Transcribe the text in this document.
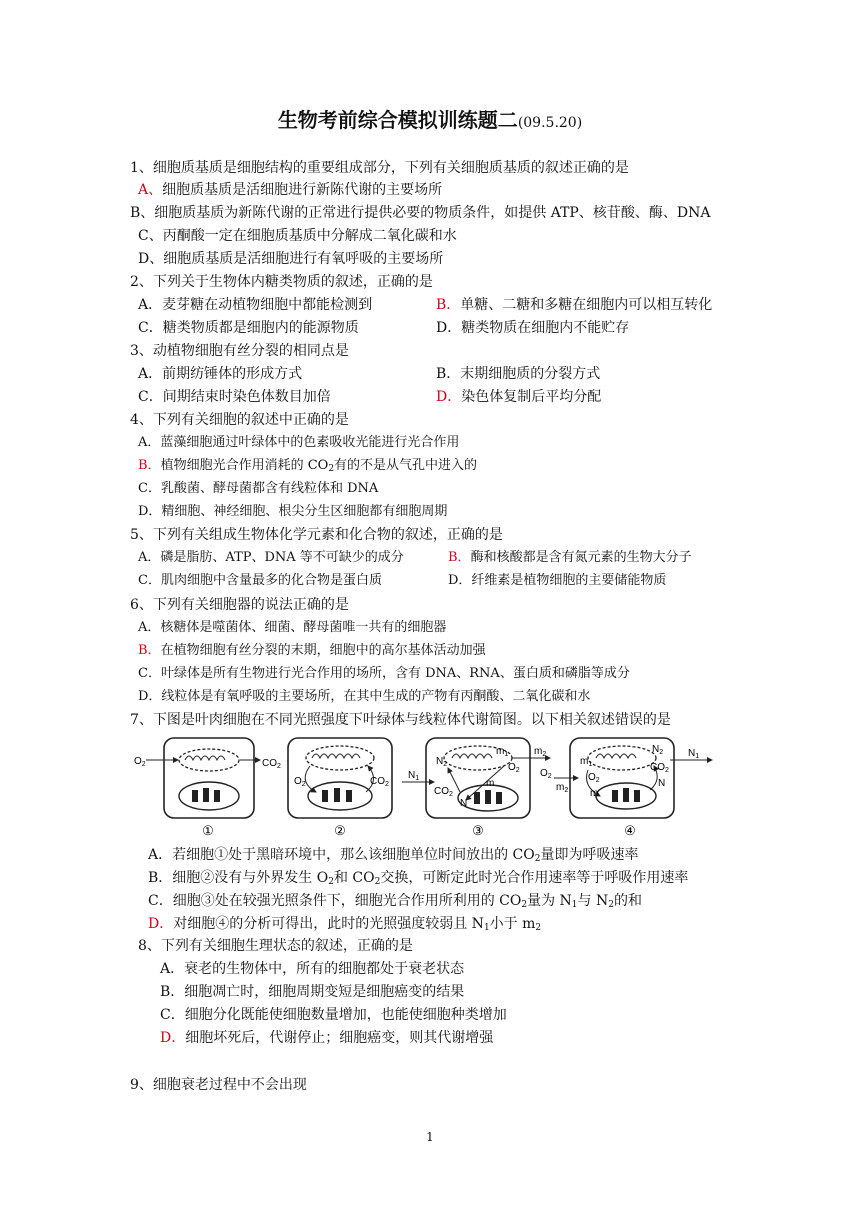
生物考前综合模拟训练题二(09.5.20)
1、细胞质基质是细胞结构的重要组成部分，下列有关细胞质基质的叙述正确的是
A、细胞质基质是活细胞进行新陈代谢的主要场所
B、细胞质基质为新陈代谢的正常进行提供必要的物质条件，如提供 ATP、核苷酸、酶、DNA
C、丙酮酸一定在细胞质基质中分解成二氧化碳和水
D、细胞质基质是活细胞进行有氧呼吸的主要场所
2、下列关于生物体内糖类物质的叙述，正确的是
A．麦芽糖在动植物细胞中都能检测到	B．单糖、二糖和多糖在细胞内可以相互转化
C．糖类物质都是细胞内的能源物质	D．糖类物质在细胞内不能贮存
3、动植物细胞有丝分裂的相同点是
A．前期纺锤体的形成方式	B．末期细胞质的分裂方式
C．间期结束时染色体数目加倍	D．染色体复制后平均分配
4、下列有关细胞的叙述中正确的是
A．蓝藻细胞通过叶绿体中的色素吸收光能进行光合作用
B．植物细胞光合作用消耗的 $CO_2$有的不是从气孔中进入的
C．乳酸菌、酵母菌都含有线粒体和 DNA
D．精细胞、神经细胞、根尖分生区细胞都有细胞周期
5、下列有关组成生物体化学元素和化合物的叙述，正确的是
A．磷是脂肪、ATP、DNA 等不可缺少的成分	B．酶和核酸都是含有氮元素的生物大分子
C．肌肉细胞中含量最多的化合物是蛋白质	D．纤维素是植物细胞的主要储能物质
6、下列有关细胞器的说法正确的是
A．核糖体是噬菌体、细菌、酵母菌唯一共有的细胞器
B．在植物细胞有丝分裂的末期，细胞中的高尔基体活动加强
C．叶绿体是所有生物进行光合作用的场所，含有 DNA、RNA、蛋白质和磷脂等成分
D．线粒体是有氧呼吸的主要场所，在其中生成的产物有丙酮酸、二氧化碳和水
7、下图是叶肉细胞在不同光照强度下叶绿体与线粒体代谢简图。以下相关叙述错误的是
$O_2$	$CO_2$
①
$O_2$	$CO_2$
②
$N_1$
$CO_2$
$N_2$
$m_1$
$O_2$
m
N
$m_2$
③
$O_2$
$m_2$
$m_1$
$O_2$
m
$N_2$
$CO_2$
N
$N_1$
④
A．若细胞①处于黑暗环境中，那么该细胞单位时间放出的 $CO_2$量即为呼吸速率
B．细胞②没有与外界发生 $O_2$和 $CO_2$交换，可断定此时光合作用速率等于呼吸作用速率
C．细胞③处在较强光照条件下，细胞光合作用所利用的 $CO_2$量为 $N_1$与 $N_2$的和
D．对细胞④的分析可得出，此时的光照强度较弱且 $N_1$小于 $m_2$
8、下列有关细胞生理状态的叙述，正确的是
A．衰老的生物体中，所有的细胞都处于衰老状态
B．细胞凋亡时，细胞周期变短是细胞癌变的结果
C．细胞分化既能使细胞数量增加，也能使细胞种类增加
D．细胞坏死后，代谢停止；细胞癌变，则其代谢增强
9、细胞衰老过程中不会出现
1
